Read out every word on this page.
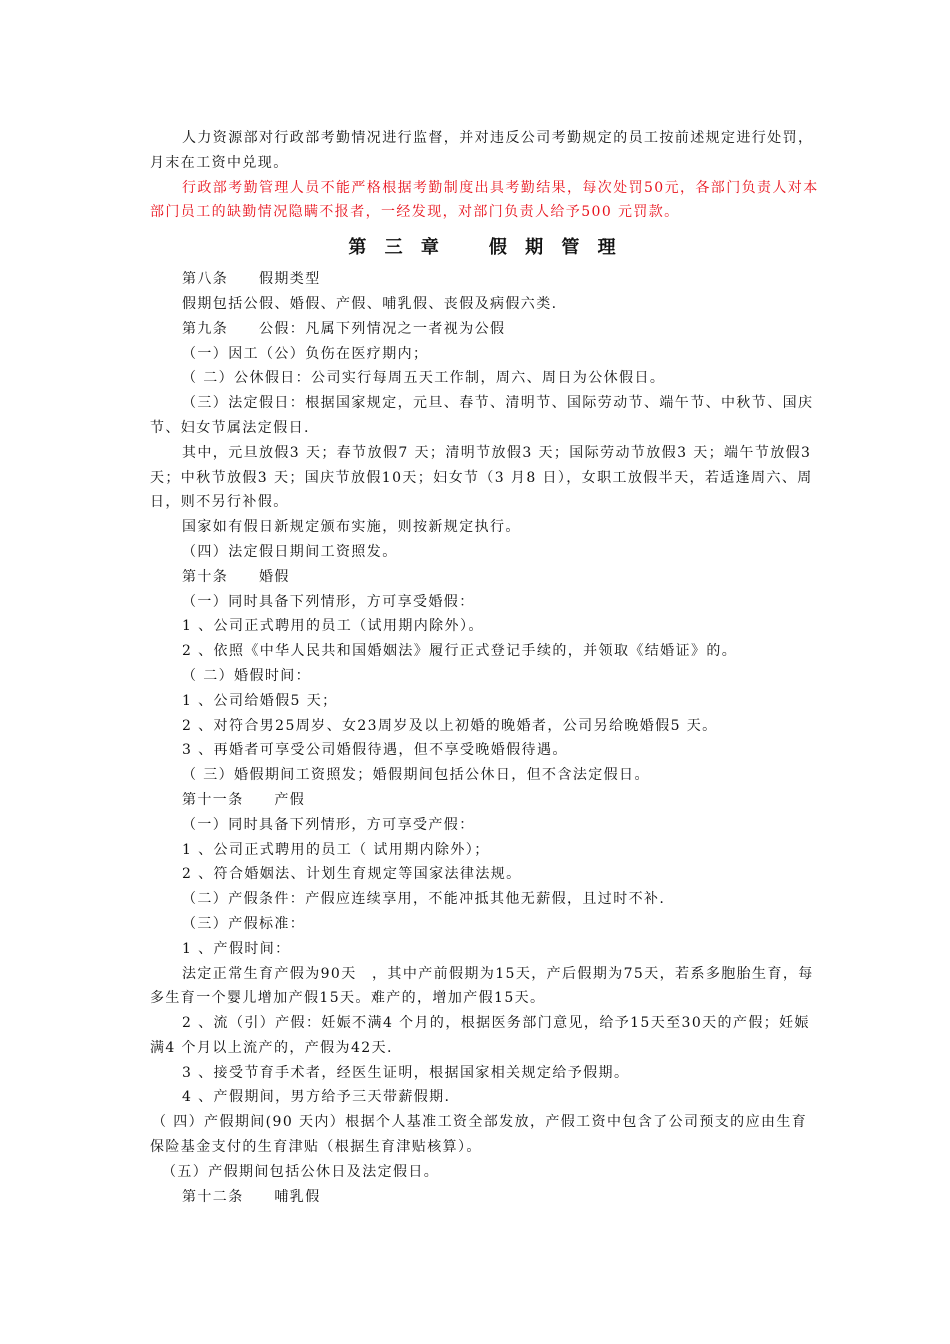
人力资源部对行政部考勤情况进行监督，并对违反公司考勤规定的员工按前述规定进行处罚，月末在工资中兑现。

行政部考勤管理人员不能严格根据考勤制度出具考勤结果，每次处罚50元，各部门负责人对本部门员工的缺勤情况隐瞒不报者，一经发现，对部门负责人给予500 元罚款。

第 三 章 假 期 管 理

第八条　　假期类型

假期包括公假、婚假、产假、哺乳假、丧假及病假六类.

第九条　　公假：凡属下列情况之一者视为公假

（一）因工（公）负伤在医疗期内；

（ 二）公休假日：公司实行每周五天工作制，周六、周日为公休假日。

（三）法定假日：根据国家规定，元旦、春节、清明节、国际劳动节、端午节、中秋节、国庆节、妇女节属法定假日.

其中，元旦放假3 天；春节放假7 天；清明节放假3 天；国际劳动节放假3 天；端午节放假3 天；中秋节放假3 天；国庆节放假10天；妇女节（3 月8 日），女职工放假半天，若适逢周六、周日，则不另行补假。

国家如有假日新规定颁布实施，则按新规定执行。

（四）法定假日期间工资照发。

第十条　　婚假

（一）同时具备下列情形，方可享受婚假：

1 、公司正式聘用的员工（试用期内除外）。

2 、依照《中华人民共和国婚姻法》履行正式登记手续的，并领取《结婚证》的。

（ 二）婚假时间：

1 、公司给婚假5 天；

2 、对符合男25周岁、女23周岁及以上初婚的晚婚者，公司另给晚婚假5 天。

3 、再婚者可享受公司婚假待遇，但不享受晚婚假待遇。

（ 三）婚假期间工资照发；婚假期间包括公休日，但不含法定假日。

第十一条　　产假

（一）同时具备下列情形，方可享受产假：

1 、公司正式聘用的员工（ 试用期内除外）；

2 、符合婚姻法、计划生育规定等国家法律法规。

（二）产假条件：产假应连续享用，不能冲抵其他无薪假，且过时不补.

（三）产假标准：

1 、产假时间：

法定正常生育产假为90天　，其中产前假期为15天，产后假期为75天，若系多胞胎生育，每多生育一个婴儿增加产假15天。难产的，增加产假15天。

2 、流（引）产假：妊娠不满4 个月的，根据医务部门意见，给予15天至30天的产假；妊娠满4 个月以上流产的，产假为42天.

3 、接受节育手术者，经医生证明，根据国家相关规定给予假期。

4 、产假期间，男方给予三天带薪假期.

（ 四）产假期间(90 天内）根据个人基准工资全部发放，产假工资中包含了公司预支的应由生育保险基金支付的生育津贴（根据生育津贴核算）。

（五）产假期间包括公休日及法定假日。

第十二条　　哺乳假
